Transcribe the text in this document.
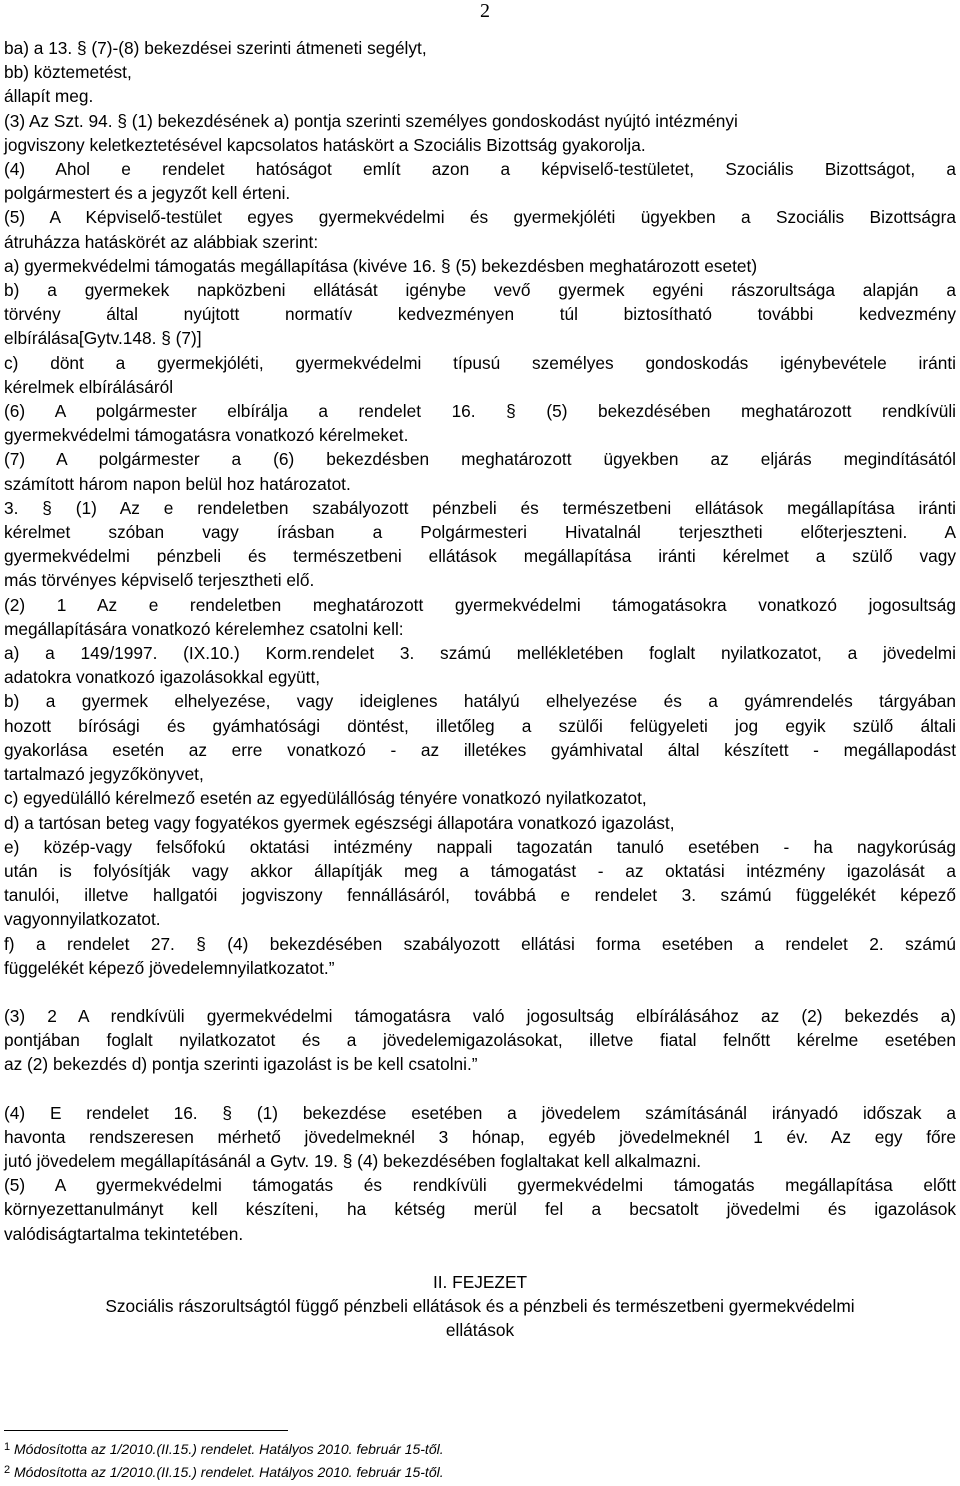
2
ba) a 13. § (7)-(8) bekezdései szerinti átmeneti segélyt,
bb) köztemetést,
állapít meg.
(3) Az Szt. 94. § (1) bekezdésének a) pontja szerinti személyes gondoskodást nyújtó intézményi
jogviszony keletkeztetésével kapcsolatos hatáskört a Szociális Bizottság gyakorolja.
(4) Ahol e rendelet hatóságot említ azon a képviselő-testületet, Szociális Bizottságot, a
polgármestert és a jegyzőt kell érteni.
(5) A Képviselő-testület egyes gyermekvédelmi és gyermekjóléti ügyekben a Szociális Bizottságra
átruházza hatáskörét az alábbiak szerint:
a) gyermekvédelmi támogatás megállapítása (kivéve 16. § (5) bekezdésben meghatározott esetet)
b) a gyermekek napközbeni ellátását igénybe vevő gyermek egyéni rászorultsága alapján a
törvény által nyújtott normatív kedvezményen túl biztosítható további kedvezmény
elbírálása[Gytv.148. § (7)]
c) dönt a gyermekjóléti, gyermekvédelmi típusú személyes gondoskodás igénybevétele iránti
kérelmek elbírálásáról
(6) A polgármester elbírálja a rendelet 16. § (5) bekezdésében meghatározott rendkívüli
gyermekvédelmi támogatásra vonatkozó kérelmeket.
(7) A polgármester a (6) bekezdésben meghatározott ügyekben az eljárás megindításától
számított három napon belül hoz határozatot.
3. § (1) Az e rendeletben szabályozott pénzbeli és természetbeni ellátások megállapítása iránti
kérelmet szóban vagy írásban a Polgármesteri Hivatalnál terjesztheti előterjeszteni. A
gyermekvédelmi pénzbeli és természetbeni ellátások megállapítása iránti kérelmet a szülő vagy
más törvényes képviselő terjesztheti elő.
(2) 1 Az e rendeletben meghatározott gyermekvédelmi támogatásokra vonatkozó jogosultság
megállapítására vonatkozó kérelemhez csatolni kell:
a) a 149/1997. (IX.10.) Korm.rendelet 3. számú mellékletében foglalt nyilatkozatot, a jövedelmi
adatokra vonatkozó igazolásokkal együtt,
b) a gyermek elhelyezése, vagy ideiglenes hatályú elhelyezése és a gyámrendelés tárgyában
hozott bírósági és gyámhatósági döntést, illetőleg a szülői felügyeleti jog egyik szülő általi
gyakorlása esetén az erre vonatkozó - az illetékes gyámhivatal által készített - megállapodást
tartalmazó jegyzőkönyvet,
c) egyedülálló kérelmező esetén az egyedülállóság tényére vonatkozó nyilatkozatot,
d) a tartósan beteg vagy fogyatékos gyermek egészségi állapotára vonatkozó igazolást,
e) közép-vagy felsőfokú oktatási intézmény nappali tagozatán tanuló esetében - ha nagykorúság
után is folyósítják vagy akkor állapítják meg a támogatást - az oktatási intézmény igazolását a
tanulói, illetve hallgatói jogviszony fennállásáról, továbbá e rendelet 3. számú függelékét képező
vagyonnyilatkozatot.
f) a rendelet 27. § (4) bekezdésében szabályozott ellátási forma esetében a rendelet 2. számú
függelékét képező jövedelemnyilatkozatot.”
(3) 2 A rendkívüli gyermekvédelmi támogatásra való jogosultság elbírálásához az (2) bekezdés a)
pontjában foglalt nyilatkozatot és a jövedelemigazolásokat, illetve fiatal felnőtt kérelme esetében
az (2) bekezdés d) pontja szerinti igazolást is be kell csatolni.”
(4) E rendelet 16. § (1) bekezdése esetében a jövedelem számításánál irányadó időszak a
havonta rendszeresen mérhető jövedelmeknél 3 hónap, egyéb jövedelmeknél 1 év. Az egy főre
jutó jövedelem megállapításánál a Gytv. 19. § (4) bekezdésében foglaltakat kell alkalmazni.
(5) A gyermekvédelmi támogatás és rendkívüli gyermekvédelmi támogatás megállapítása előtt
környezettanulmányt kell készíteni, ha kétség merül fel a becsatolt jövedelmi és igazolások
valódiságtartalma tekintetében.
II. FEJEZET
Szociális rászorultságtól függő pénzbeli ellátások és a pénzbeli és természetbeni gyermekvédelmi
ellátások
$^1$ Módosította az 1/2010.(II.15.) rendelet. Hatályos 2010. február 15-től.
$^2$ Módosította az 1/2010.(II.15.) rendelet. Hatályos 2010. február 15-től.
